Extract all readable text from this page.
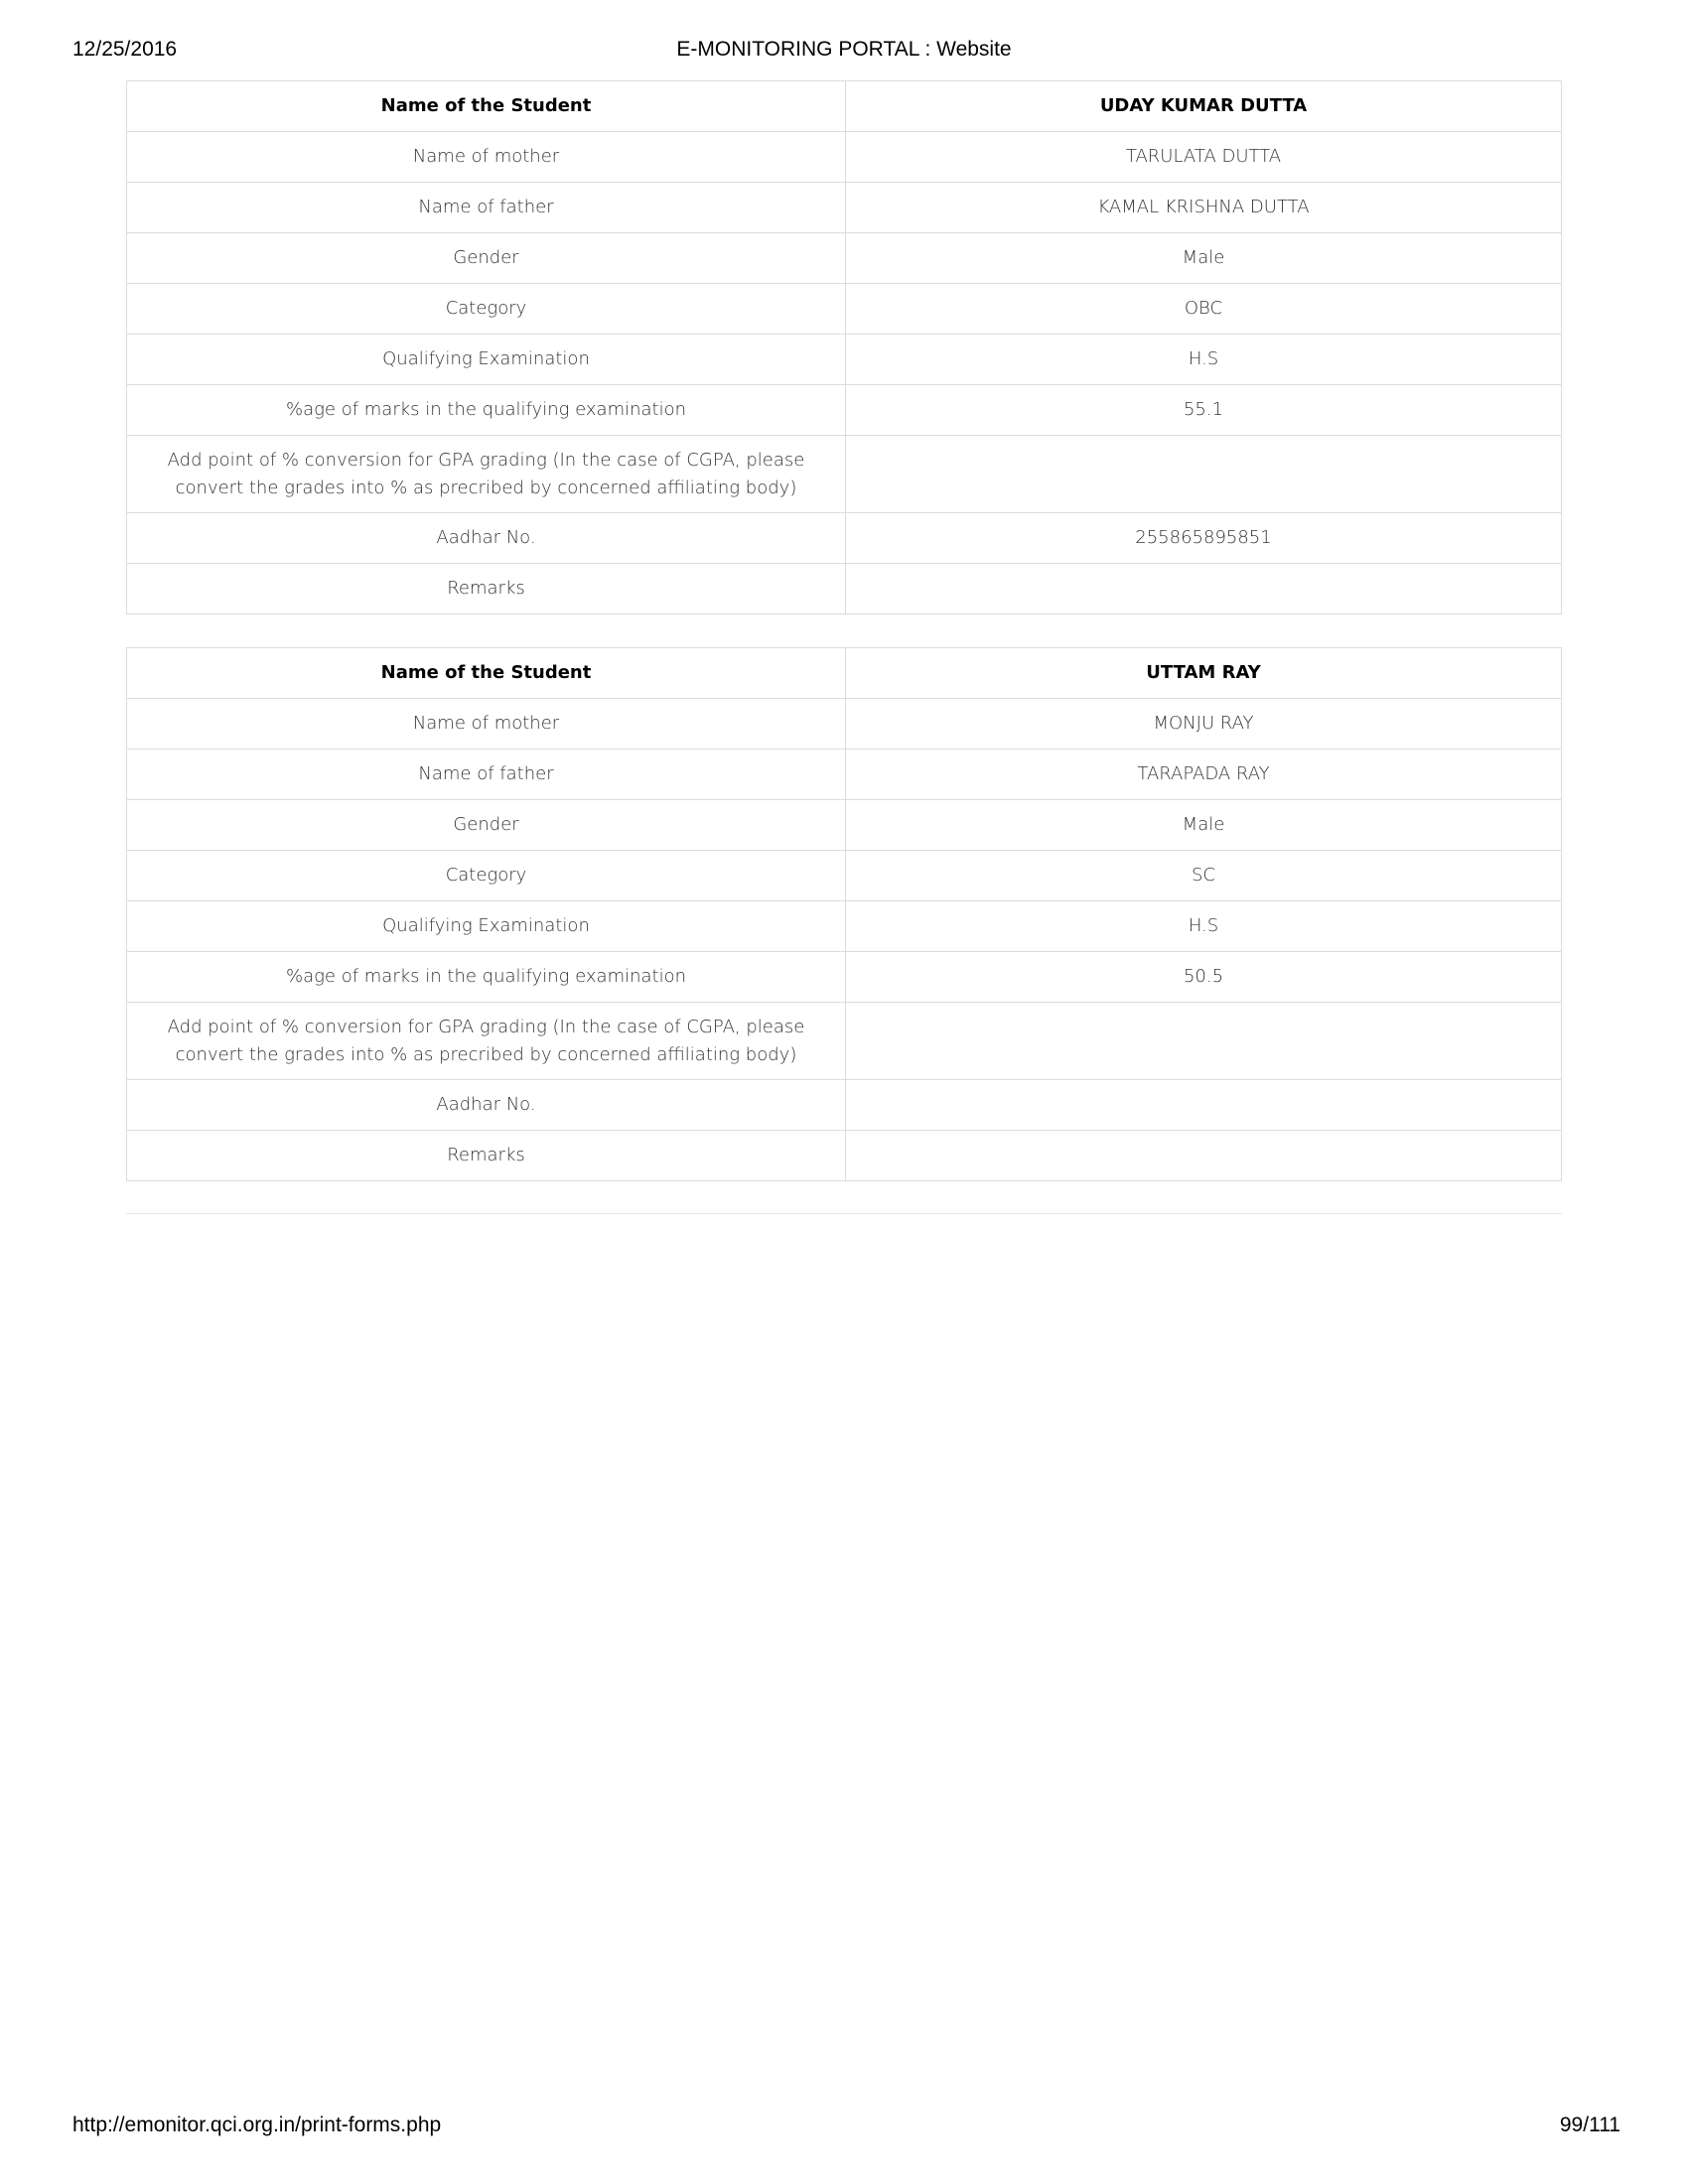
12/25/2016	E-MONITORING PORTAL : Website
Name of the Student	UDAY KUMAR DUTTA
Name of mother	TARULATA DUTTA
Name of father	KAMAL KRISHNA DUTTA
Gender	Male
Category	OBC
Qualifying Examination	H.S
%age of marks in the qualifying examination	55.1
Add point of % conversion for GPA grading (In the case of CGPA, please convert the grades into % as precribed by concerned affiliating body)	
Aadhar No.	255865895851
Remarks	
Name of the Student	UTTAM RAY
Name of mother	MONJU RAY
Name of father	TARAPADA RAY
Gender	Male
Category	SC
Qualifying Examination	H.S
%age of marks in the qualifying examination	50.5
Add point of % conversion for GPA grading (In the case of CGPA, please convert the grades into % as precribed by concerned affiliating body)	
Aadhar No.	
Remarks	
http://emonitor.qci.org.in/print-forms.php	99/111
